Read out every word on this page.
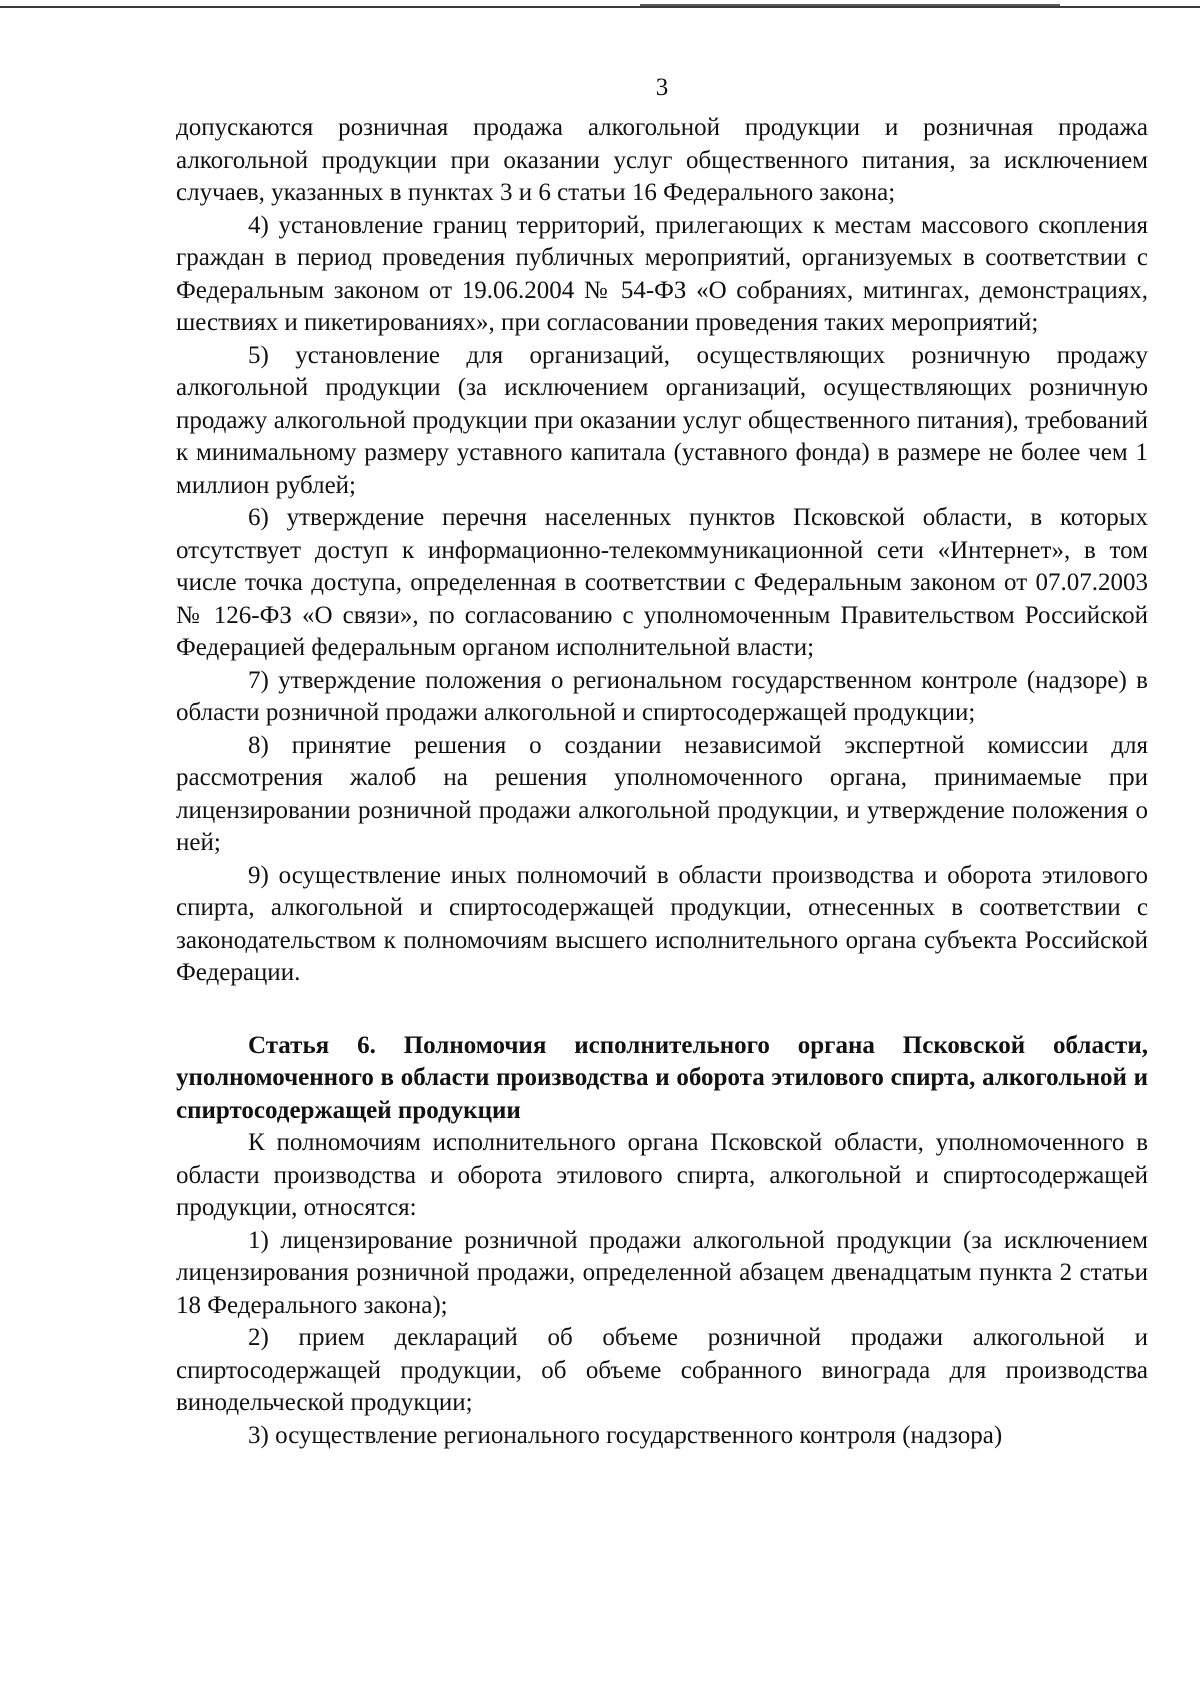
3

допускаются розничная продажа алкогольной продукции и розничная продажа алкогольной продукции при оказании услуг общественного питания, за исключением случаев, указанных в пунктах 3 и 6 статьи 16 Федерального закона;

4) установление границ территорий, прилегающих к местам массового скопления граждан в период проведения публичных мероприятий, организуемых в соответствии с Федеральным законом от 19.06.2004 № 54-ФЗ «О собраниях, митингах, демонстрациях, шествиях и пикетированиях», при согласовании проведения таких мероприятий;

5) установление для организаций, осуществляющих розничную продажу алкогольной продукции (за исключением организаций, осуществляющих розничную продажу алкогольной продукции при оказании услуг общественного питания), требований к минимальному размеру уставного капитала (уставного фонда) в размере не более чем 1 миллион рублей;

6) утверждение перечня населенных пунктов Псковской области, в которых отсутствует доступ к информационно-телекоммуникационной сети «Интернет», в том числе точка доступа, определенная в соответствии с Федеральным законом от 07.07.2003 № 126-ФЗ «О связи», по согласованию с уполномоченным Правительством Российской Федерацией федеральным органом исполнительной власти;

7) утверждение положения о региональном государственном контроле (надзоре) в области розничной продажи алкогольной и спиртосодержащей продукции;

8) принятие решения о создании независимой экспертной комиссии для рассмотрения жалоб на решения уполномоченного органа, принимаемые при лицензировании розничной продажи алкогольной продукции, и утверждение положения о ней;

9) осуществление иных полномочий в области производства и оборота этилового спирта, алкогольной и спиртосодержащей продукции, отнесенных в соответствии с законодательством к полномочиям высшего исполнительного органа субъекта Российской Федерации.

Статья 6. Полномочия исполнительного органа Псковской области, уполномоченного в области производства и оборота этилового спирта, алкогольной и спиртосодержащей продукции

К полномочиям исполнительного органа Псковской области, уполномоченного в области производства и оборота этилового спирта, алкогольной и спиртосодержащей продукции, относятся:

1) лицензирование розничной продажи алкогольной продукции (за исключением лицензирования розничной продажи, определенной абзацем двенадцатым пункта 2 статьи 18 Федерального закона);

2) прием деклараций об объеме розничной продажи алкогольной и спиртосодержащей продукции, об объеме собранного винограда для производства винодельческой продукции;

3) осуществление регионального государственного контроля (надзора)
